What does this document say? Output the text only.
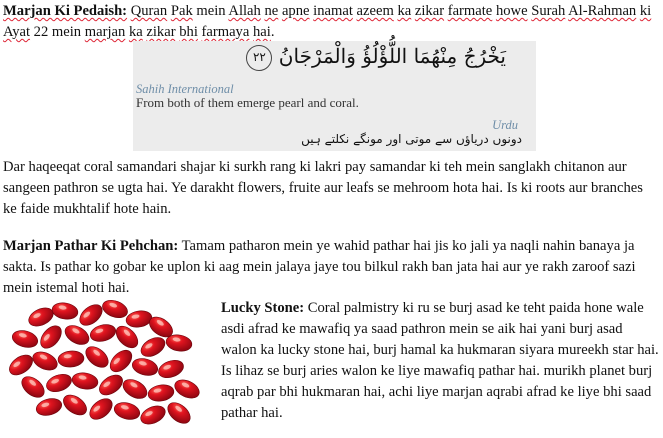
Marjan Ki Pedaish: Quran Pak mein Allah ne apne inamat azeem ka zikar farmate howe Surah Al-Rahman ki Ayat 22 mein marjan ka zikar bhi farmaya hai.

يَخْرُجُ مِنْهُمَا اللُّؤْلُؤُ وَالْمَرْجَانُ ٢٢
Sahih International
From both of them emerge pearl and coral.
Urdu
دونوں دریاؤں سے موتی اور مونگے نکلتے ہیں

Dar haqeeqat coral samandari shajar ki surkh rang ki lakri pay samandar ki teh mein sanglakh chitanon aur sangeen pathron se ugta hai. Ye darakht flowers, fruite aur leafs se mehroom hota hai. Is ki roots aur branches ke faide mukhtalif hote hain.

Marjan Pathar Ki Pehchan: Tamam patharon mein ye wahid pathar hai jis ko jali ya naqli nahin banaya ja sakta. Is pathar ko gobar ke uplon ki aag mein jalaya jaye tou bilkul rakh ban jata hai aur ye rakh zaroof sazi mein istemal hoti hai.

Lucky Stone: Coral palmistry ki ru se burj asad ke teht paida hone wale asdi afrad ke mawafiq ya saad pathron mein se aik hai yani burj asad walon ka lucky stone hai, burj hamal ka hukmaran siyara mureekh star hai. Is lihaz se burj aries walon ke liye mawafiq pathar hai. murikh planet burj aqrab par bhi hukmaran hai, achi liye marjan aqrabi afrad ke liye bhi saad pathar hai.
